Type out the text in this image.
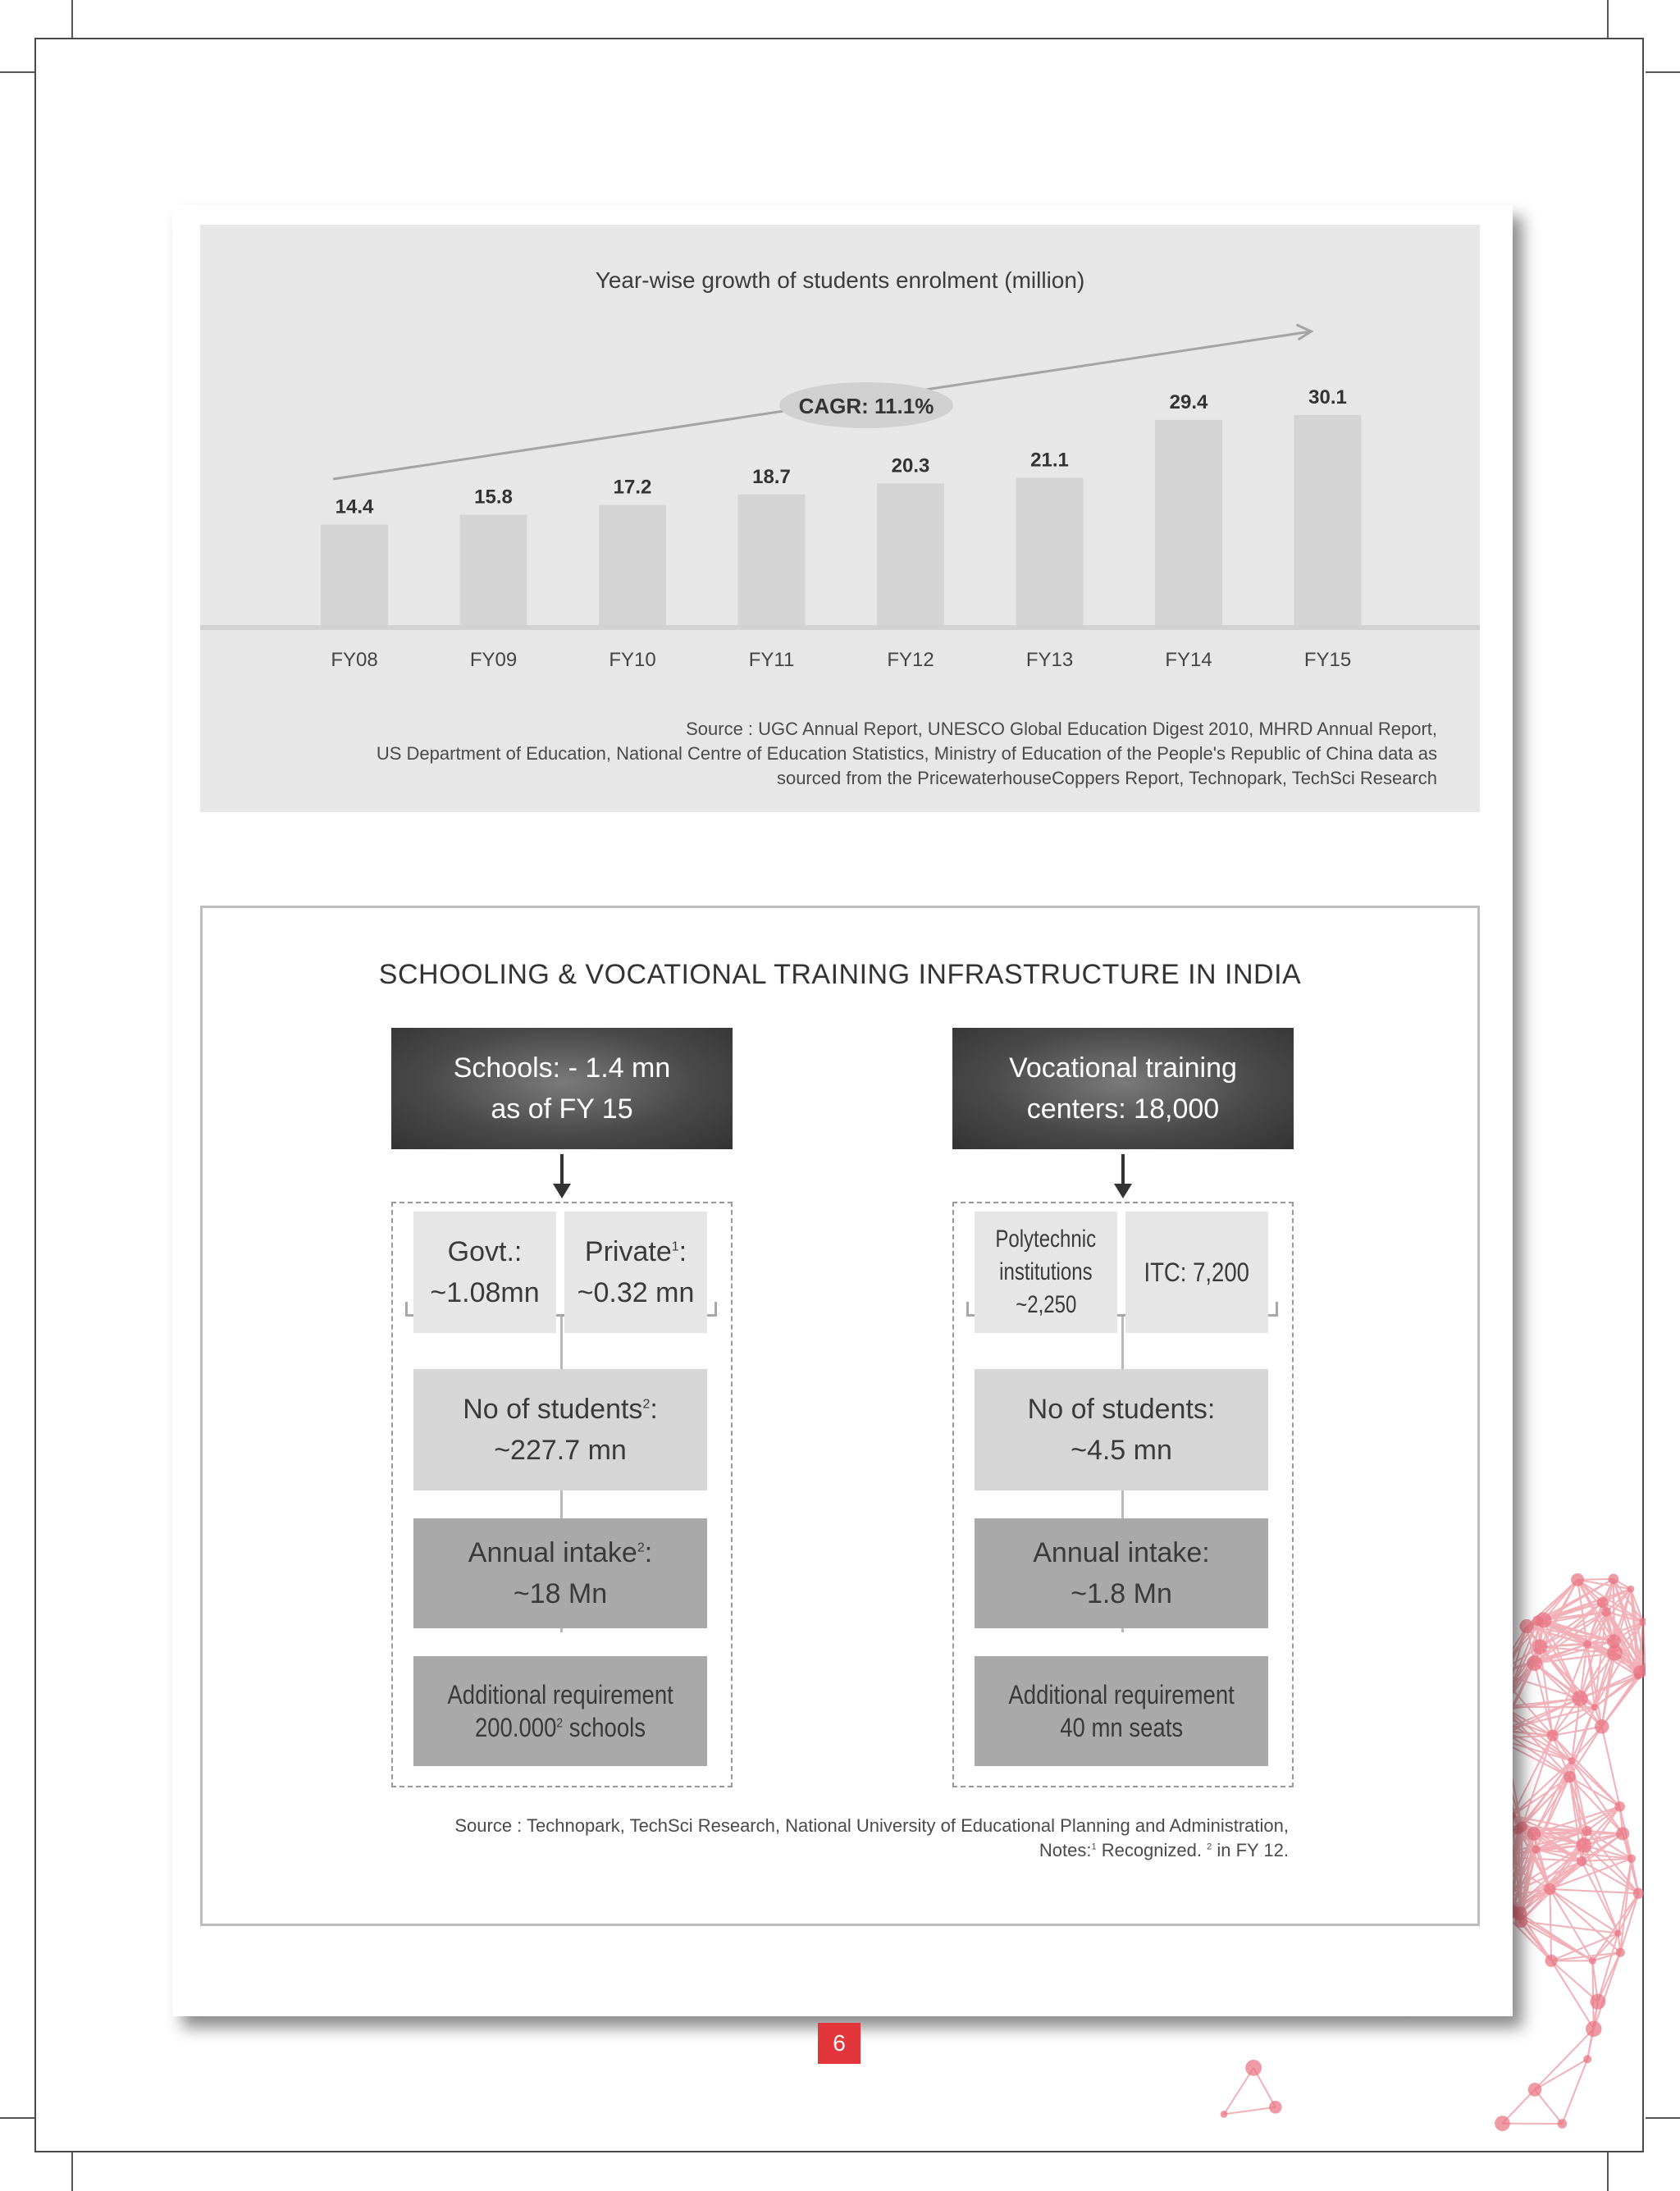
Year-wise growth of students enrolment (million)
CAGR: 11.1%
14.4
FY08
15.8
FY09
17.2
FY10
18.7
FY11
20.3
FY12
21.1
FY13
29.4
FY14
30.1
FY15
Source : UGC Annual Report, UNESCO Global Education Digest 2010, MHRD Annual Report,
US Department of Education, National Centre of Education Statistics, Ministry of Education of the People's Republic of China data as
sourced from the PricewaterhouseCoppers Report, Technopark, TechSci Research
SCHOOLING & VOCATIONAL TRAINING INFRASTRUCTURE IN INDIA
Schools: - 1.4 mn
as of FY 15
Govt.:
~1.08mn
Private$^1$:
~0.32 mn
No of students$^2$:
~227.7 mn
Annual intake$^2$:
~18 Mn
Additional requirement
200.000$^2$ schools
Vocational training
centers: 18,000
Polytechnic
institutions
~2,250
ITC: 7,200
No of students:
~4.5 mn
Annual intake:
~1.8 Mn
Additional requirement
40 mn seats
Source : Technopark, TechSci Research, National University of Educational Planning and Administration,
Notes:$^1$ Recognized. $^2$ in FY 12.
6
